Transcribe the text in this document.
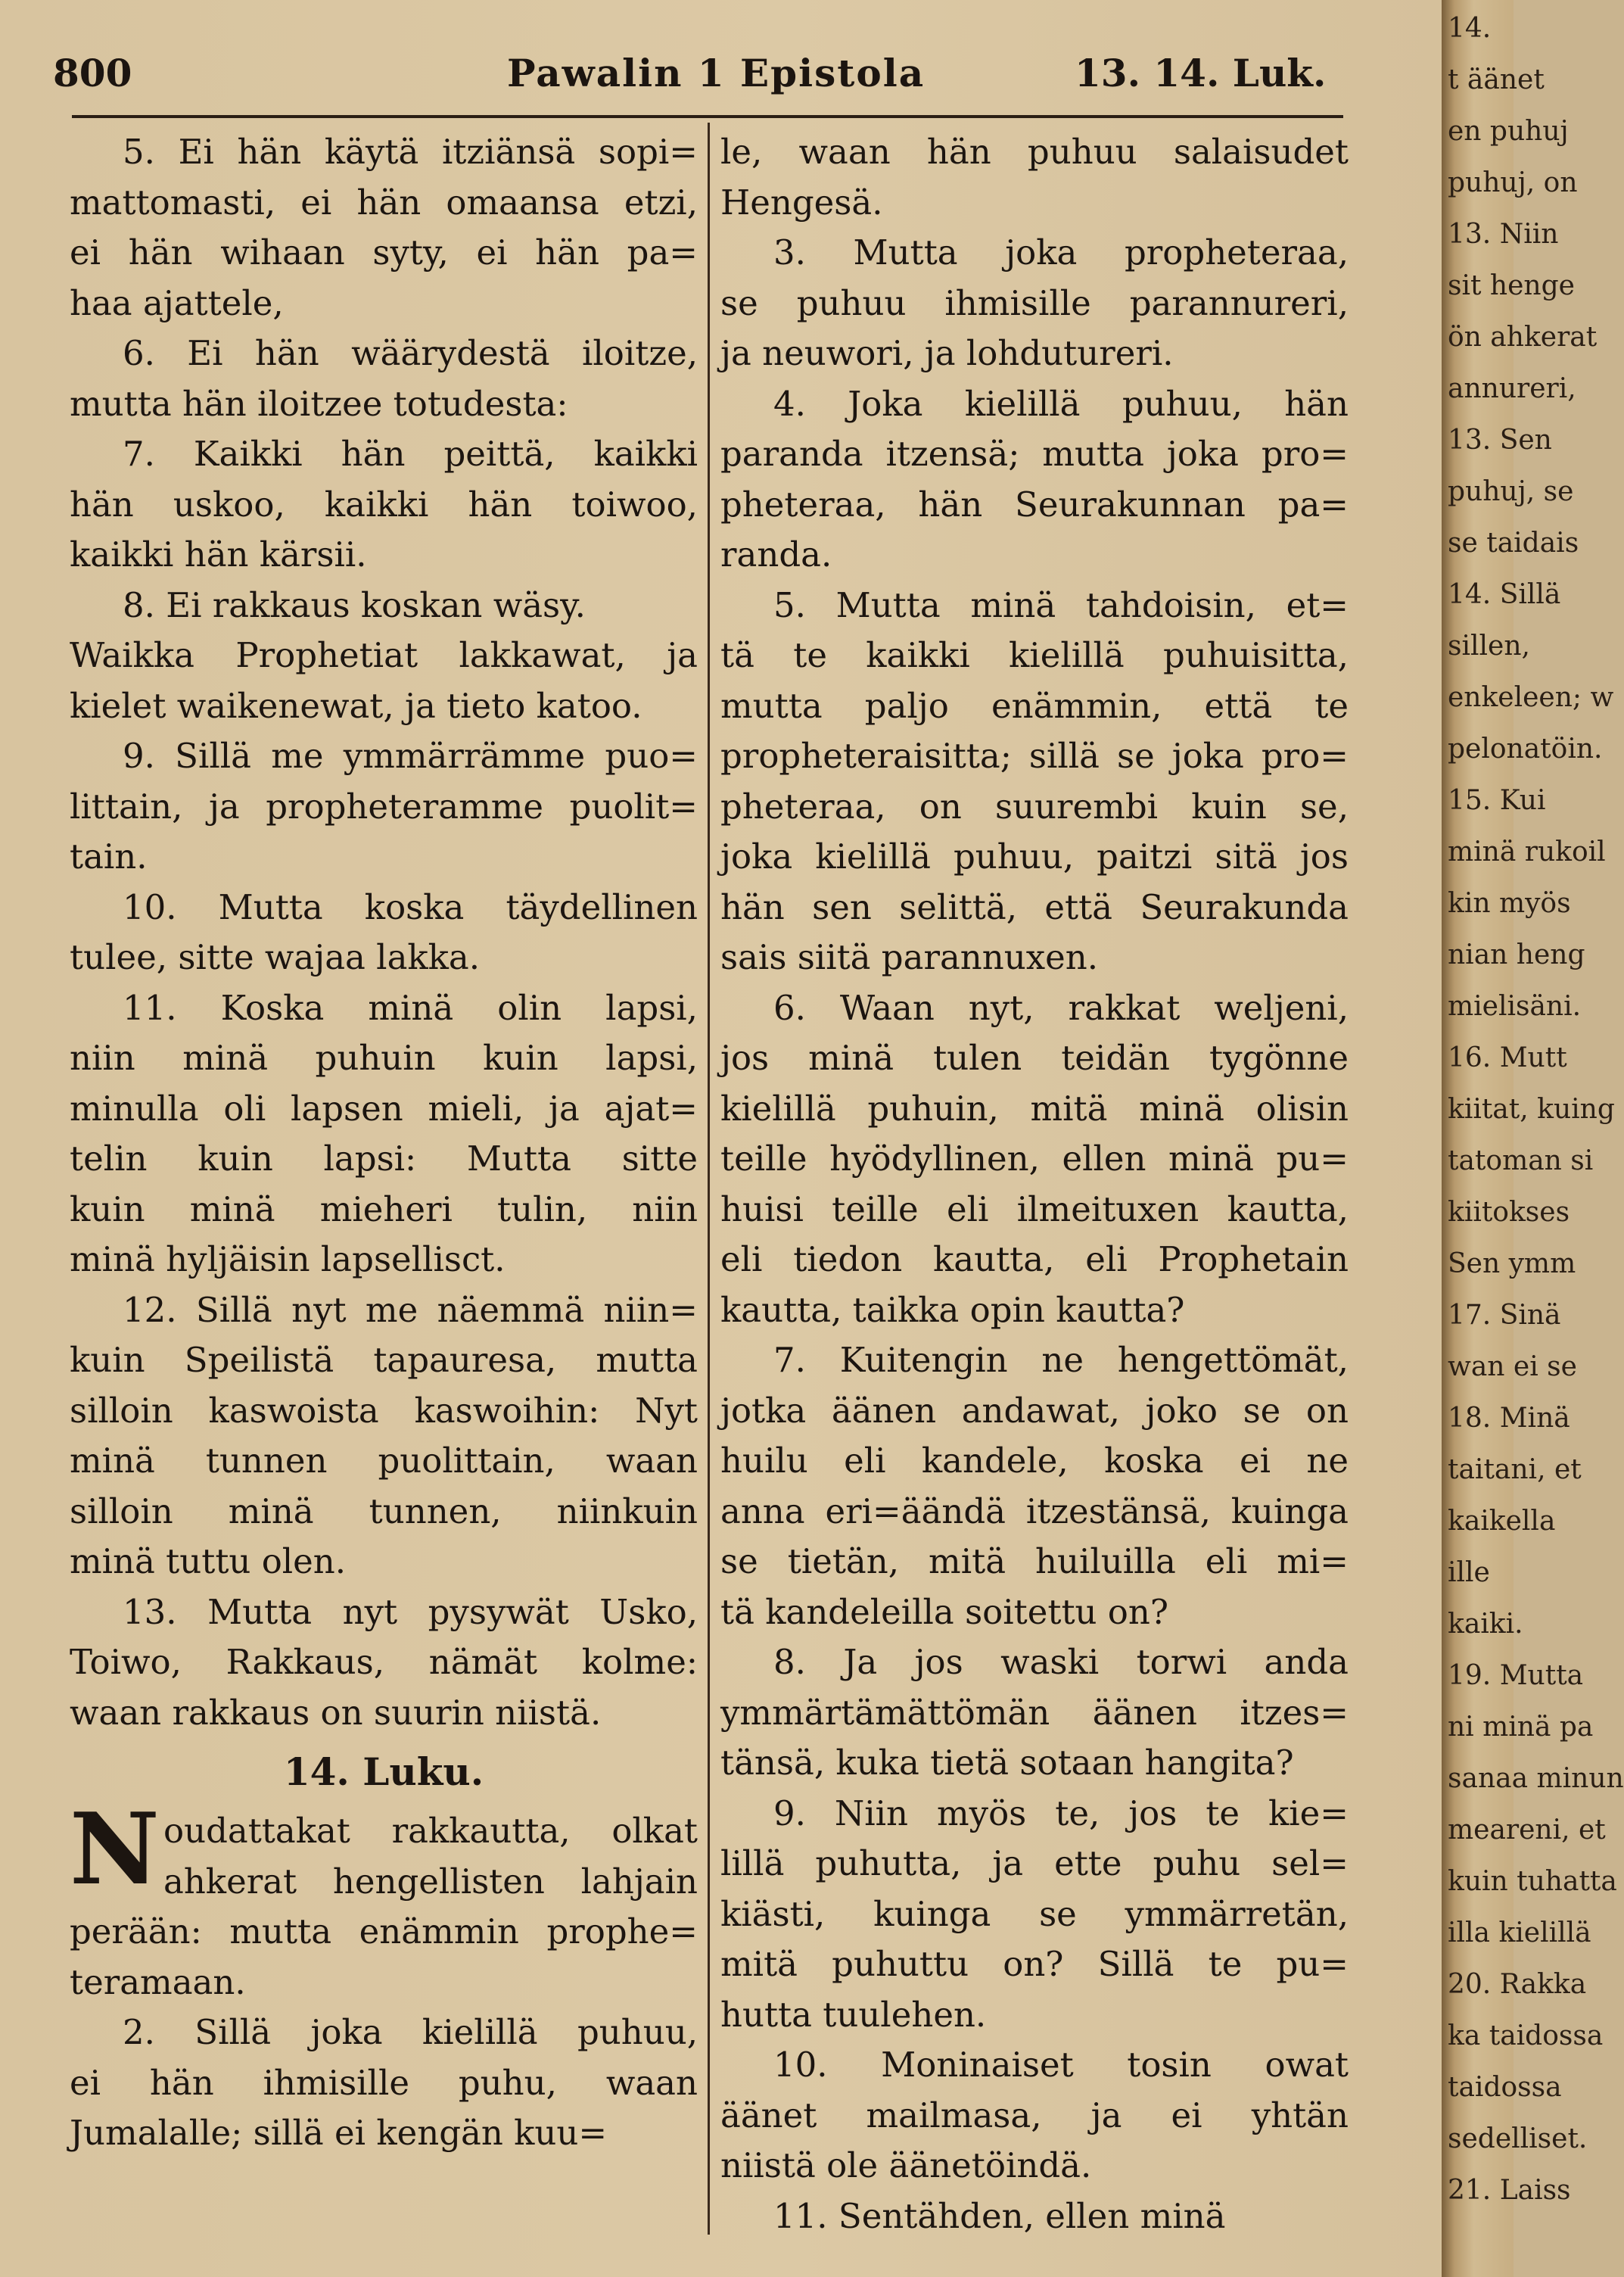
800	Pawalin 1 Epistola	13. 14. Luk.

5. Ei hän käytä itziänsä sopi=

mattomasti, ei hän omaansa etzi,

ei hän wihaan syty, ei hän pa=

haa ajattele,

6. Ei hän wäärydestä iloitze,

mutta hän iloitzee totudesta:

7. Kaikki hän peittä, kaikki

hän uskoo, kaikki hän toiwoo,

kaikki hän kärsii.

8. Ei rakkaus koskan wäsy.

Waikka Prophetiat lakkawat, ja

kielet waikenewat, ja tieto katoo.

9. Sillä me ymmärrämme puo=

littain, ja propheteramme puolit=

tain.

10. Mutta koska täydellinen

tulee, sitte wajaa lakka.

11. Koska minä olin lapsi,

niin minä puhuin kuin lapsi,

minulla oli lapsen mieli, ja ajat=

telin kuin lapsi: Mutta sitte

kuin minä mieheri tulin, niin

minä hyljäisin lapsellisct.

12. Sillä nyt me näemmä niin=

kuin Speilistä tapauresa, mutta

silloin kaswoista kaswoihin: Nyt

minä tunnen puolittain, waan

silloin minä tunnen, niinkuin

minä tuttu olen.

13. Mutta nyt pysywät Usko,

Toiwo, Rakkaus, nämät kolme:

waan rakkaus on suurin niistä.

14. Luku.

oudattakat rakkautta, olkat

ahkerat hengellisten lahjain

perään: mutta enämmin prophe=

teramaan.

2. Sillä joka kielillä puhuu,

ei hän ihmisille puhu, waan

Jumalalle; sillä ei kengän kuu=

le, waan hän puhuu salaisudet

Hengesä.

3. Mutta joka propheteraa,

se puhuu ihmisille parannureri,

ja neuwori, ja lohdutureri.

4. Joka kielillä puhuu, hän

paranda itzensä; mutta joka pro=

pheteraa, hän Seurakunnan pa=

randa.

5. Mutta minä tahdoisin, et=

tä te kaikki kielillä puhuisitta,

mutta paljo enämmin, että te

propheteraisitta; sillä se joka pro=

pheteraa, on suurembi kuin se,

joka kielillä puhuu, paitzi sitä jos

hän sen selittä, että Seurakunda

sais siitä parannuxen.

6. Waan nyt, rakkat weljeni,

jos minä tulen teidän tygönne

kielillä puhuin, mitä minä olisin

teille hyödyllinen, ellen minä pu=

huisi teille eli ilmeituxen kautta,

eli tiedon kautta, eli Prophetain

kautta, taikka opin kautta?

7. Kuitengin ne hengettömät,

jotka äänen andawat, joko se on

huilu eli kandele, koska ei ne

anna eri=äändä itzestänsä, kuinga

se tietän, mitä huiluilla eli mi=

tä kandeleilla soitettu on?

8. Ja jos waski torwi anda

ymmärtämättömän äänen itzes=

tänsä, kuka tietä sotaan hangita?

9. Niin myös te, jos te kie=

lillä puhutta, ja ette puhu sel=

kiästi, kuinga se ymmärretän,

mitä puhuttu on? Sillä te pu=

hutta tuulehen.

10. Moninaiset tosin owat

äänet mailmasa, ja ei yhtän

niistä ole äänetöindä.

11. Sentähden, ellen minä

N

14.

t äänet

en puhuj

puhuj, on

13. Niin

sit henge

ön ahkerat

annureri,

13. Sen

puhuj, se

se taidais

14. Sillä

sillen,

enkeleen; w

pelonatöin.

15. Kui

minä rukoil

kin myös

nian heng

mielisäni.

16. Mutt

kiitat, kuing

tatoman si

kiitokses

Sen ymm

17. Sinä

wan ei se

18. Minä

taitani, et

kaikella

ille

kaiki.

19. Mutta

ni minä pa

sanaa minun

meareni, et

kuin tuhatta

illa kielillä

20. Rakka

ka taidossa

taidossa

sedelliset.

21. Laiss
